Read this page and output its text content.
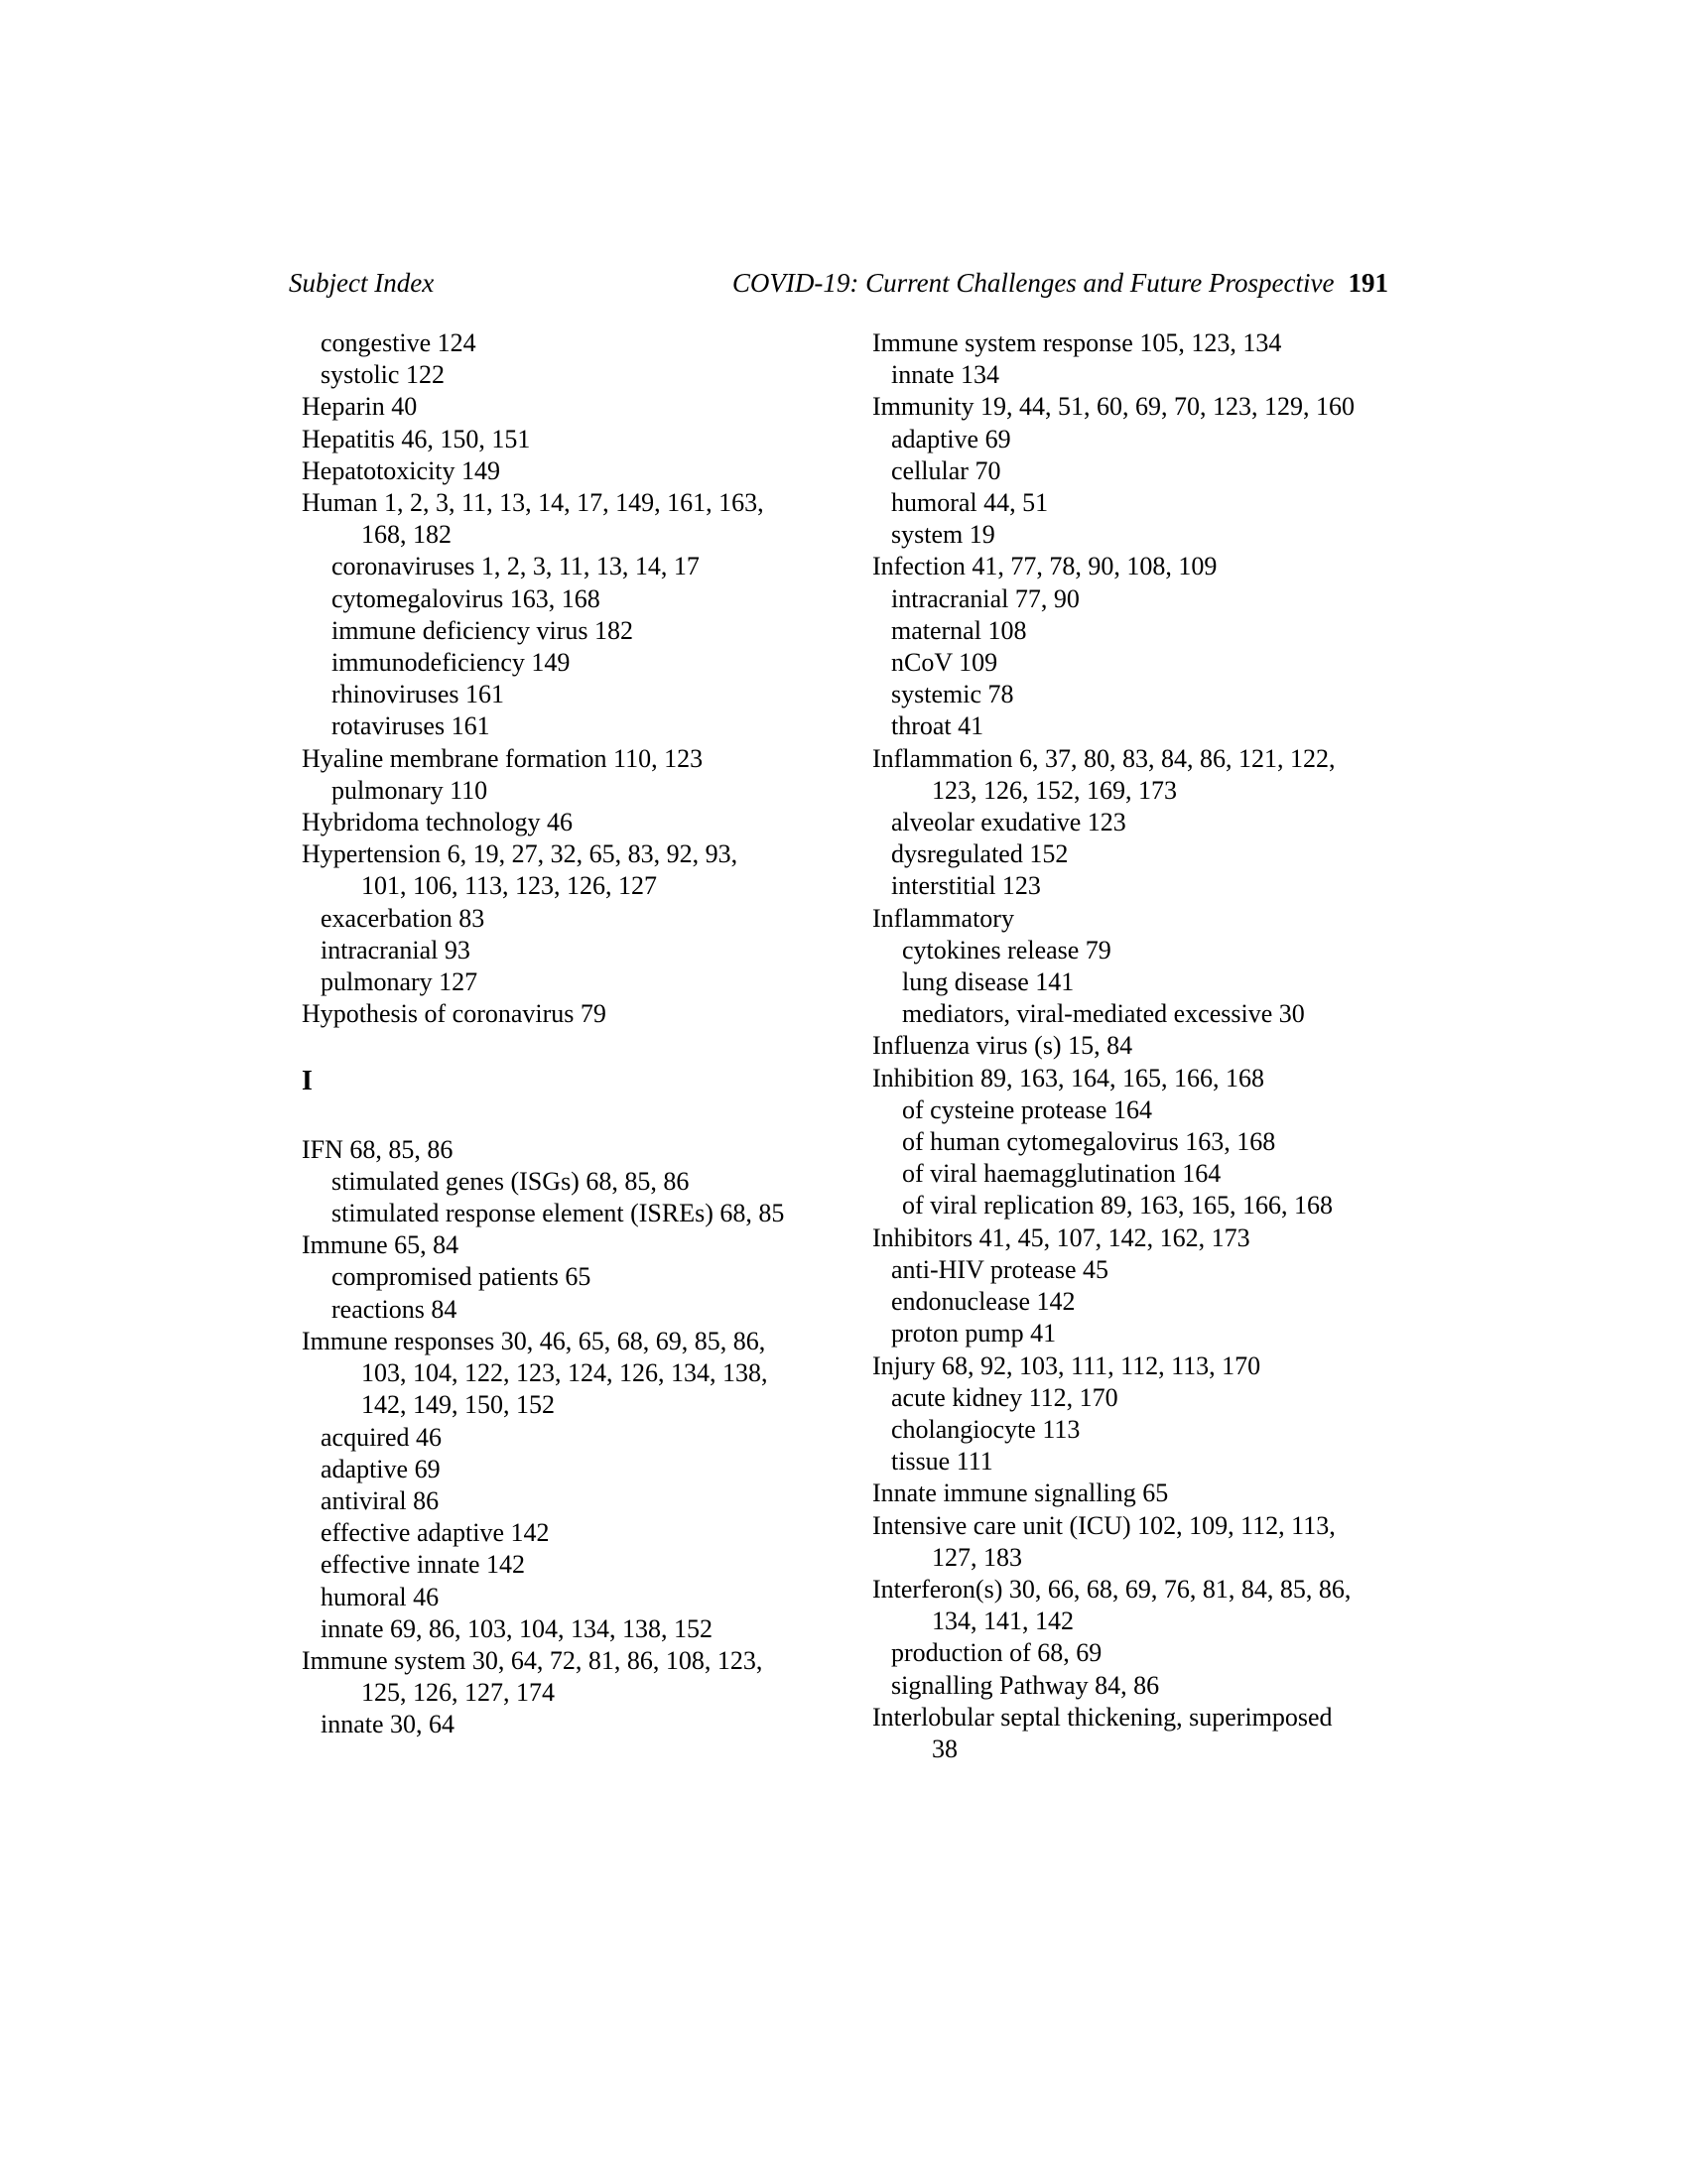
Subject Index	COVID-19: Current Challenges and Future Prospective 191
congestive 124
systolic 122
Heparin 40
Hepatitis 46, 150, 151
Hepatotoxicity 149
Human 1, 2, 3, 11, 13, 14, 17, 149, 161, 163,
168, 182
coronaviruses 1, 2, 3, 11, 13, 14, 17
cytomegalovirus 163, 168
immune deficiency virus 182
immunodeficiency 149
rhinoviruses 161
rotaviruses 161
Hyaline membrane formation 110, 123
pulmonary 110
Hybridoma technology 46
Hypertension 6, 19, 27, 32, 65, 83, 92, 93,
101, 106, 113, 123, 126, 127
exacerbation 83
intracranial 93
pulmonary 127
Hypothesis of coronavirus 79
I
IFN 68, 85, 86
stimulated genes (ISGs) 68, 85, 86
stimulated response element (ISREs) 68, 85
Immune 65, 84
compromised patients 65
reactions 84
Immune responses 30, 46, 65, 68, 69, 85, 86,
103, 104, 122, 123, 124, 126, 134, 138,
142, 149, 150, 152
acquired 46
adaptive 69
antiviral 86
effective adaptive 142
effective innate 142
humoral 46
innate 69, 86, 103, 104, 134, 138, 152
Immune system 30, 64, 72, 81, 86, 108, 123,
125, 126, 127, 174
innate 30, 64
Immune system response 105, 123, 134
innate 134
Immunity 19, 44, 51, 60, 69, 70, 123, 129, 160
adaptive 69
cellular 70
humoral 44, 51
system 19
Infection 41, 77, 78, 90, 108, 109
intracranial 77, 90
maternal 108
nCoV 109
systemic 78
throat 41
Inflammation 6, 37, 80, 83, 84, 86, 121, 122,
123, 126, 152, 169, 173
alveolar exudative 123
dysregulated 152
interstitial 123
Inflammatory
cytokines release 79
lung disease 141
mediators, viral-mediated excessive 30
Influenza virus (s) 15, 84
Inhibition 89, 163, 164, 165, 166, 168
of cysteine protease 164
of human cytomegalovirus 163, 168
of viral haemagglutination 164
of viral replication 89, 163, 165, 166, 168
Inhibitors 41, 45, 107, 142, 162, 173
anti-HIV protease 45
endonuclease 142
proton pump 41
Injury 68, 92, 103, 111, 112, 113, 170
acute kidney 112, 170
cholangiocyte 113
tissue 111
Innate immune signalling 65
Intensive care unit (ICU) 102, 109, 112, 113,
127, 183
Interferon(s) 30, 66, 68, 69, 76, 81, 84, 85, 86,
134, 141, 142
production of 68, 69
signalling Pathway 84, 86
Interlobular septal thickening, superimposed
38
